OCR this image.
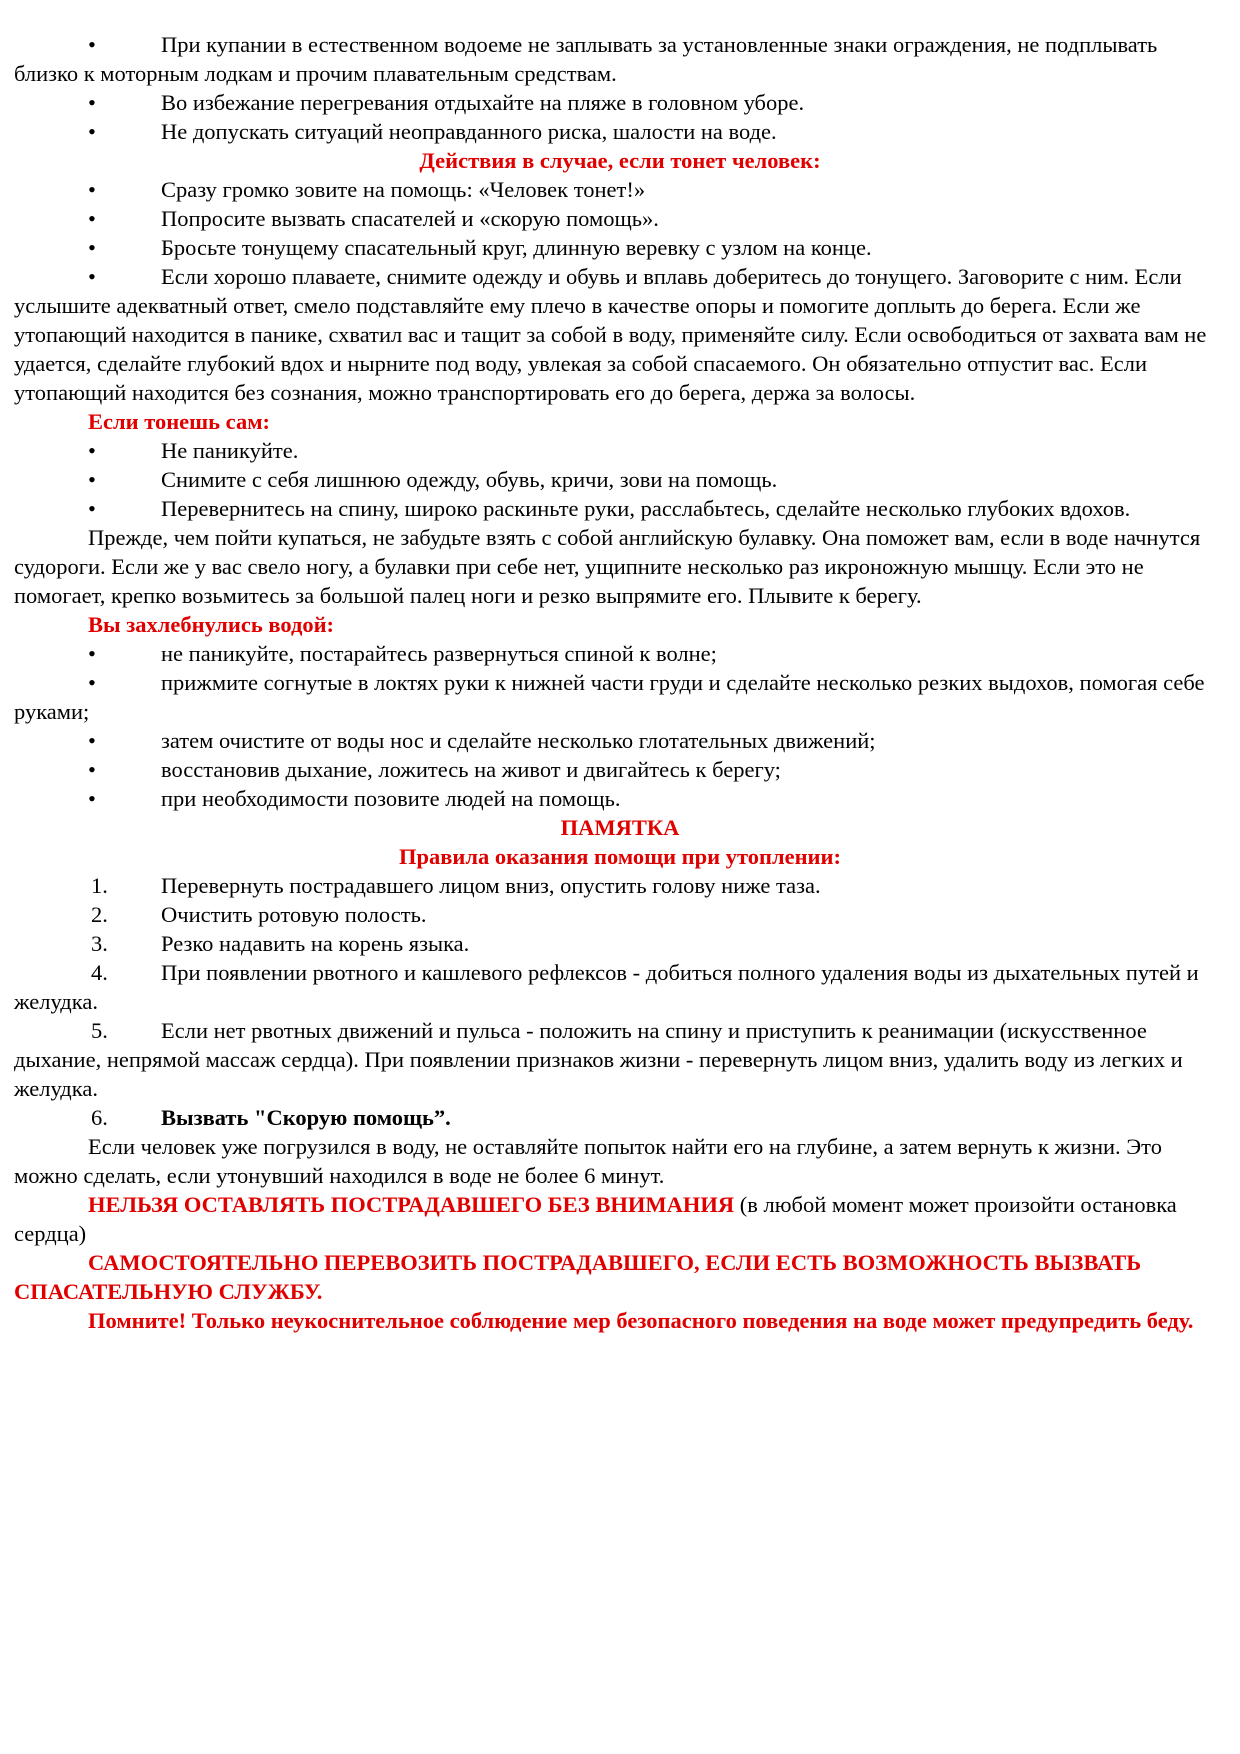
•	При купании в естественном водоеме не заплывать за установленные знаки ограждения, не подплывать близко к моторным лодкам и прочим плавательным средствам.
•	Во избежание перегревания отдыхайте на пляже в головном уборе.
•	Не допускать ситуаций неоправданного риска, шалости на воде.

Действия в случае, если тонет человек:

•	Сразу громко зовите на помощь: «Человек тонет!»
•	Попросите вызвать спасателей и «скорую помощь».
•	Бросьте тонущему спасательный круг, длинную веревку с узлом на конце.
•	Если хорошо плаваете, снимите одежду и обувь и вплавь доберитесь до тонущего. Заговорите с ним. Если услышите адекватный ответ, смело подставляйте ему плечо в качестве опоры и помогите доплыть до берега. Если же утопающий находится в панике, схватил вас и тащит за собой в воду, применяйте силу. Если освободиться от захвата вам не удается, сделайте глубокий вдох и нырните под воду, увлекая за собой спасаемого. Он обязательно отпустит вас. Если утопающий находится без сознания, можно транспортировать его до берега, держа за волосы.

Если тонешь сам:

•	Не паникуйте.
•	Снимите с себя лишнюю одежду, обувь, кричи, зови на помощь.
•	Перевернитесь на спину, широко раскиньте руки, расслабьтесь, сделайте несколько глубоких вдохов.

Прежде, чем пойти купаться, не забудьте взять с собой английскую булавку. Она поможет вам, если в воде начнутся судороги. Если же у вас свело ногу, а булавки при себе нет, ущипните несколько раз икроножную мышцу. Если это не помогает, крепко возьмитесь за большой палец ноги и резко выпрямите его. Плывите к берегу.

Вы захлебнулись водой:

•	не паникуйте, постарайтесь развернуться спиной к волне;
•	прижмите согнутые в локтях руки к нижней части груди и сделайте несколько резких выдохов, помогая себе руками;
•	затем очистите от воды нос и сделайте несколько глотательных движений;
•	восстановив дыхание, ложитесь на живот и двигайтесь к берегу;
•	при необходимости позовите людей на помощь.

ПАМЯТКА

Правила оказания помощи при утоплении:

1. Перевернуть пострадавшего лицом вниз, опустить голову ниже таза.
2. Очистить ротовую полость.
3. Резко надавить на корень языка.
4. При появлении рвотного и кашлевого рефлексов - добиться полного удаления воды из дыхательных путей и желудка.
5. Если нет рвотных движений и пульса - положить на спину и приступить к реанимации (искусственное дыхание, непрямой массаж сердца). При появлении признаков жизни - перевернуть лицом вниз, удалить воду из легких и желудка.
6. Вызвать "Скорую помощь”.

Если человек уже погрузился в воду, не оставляйте попыток найти его на глубине, а затем вернуть к жизни. Это можно сделать, если утонувший находился в воде не более 6 минут.

НЕЛЬЗЯ ОСТАВЛЯТЬ ПОСТРАДАВШЕГО БЕЗ ВНИМАНИЯ (в любой момент может произойти остановка сердца)

САМОСТОЯТЕЛЬНО ПЕРЕВОЗИТЬ ПОСТРАДАВШЕГО, ЕСЛИ ЕСТЬ ВОЗМОЖНОСТЬ ВЫЗВАТЬ СПАСАТЕЛЬНУЮ СЛУЖБУ.

Помните! Только неукоснительное соблюдение мер безопасного поведения на воде может предупредить беду.
